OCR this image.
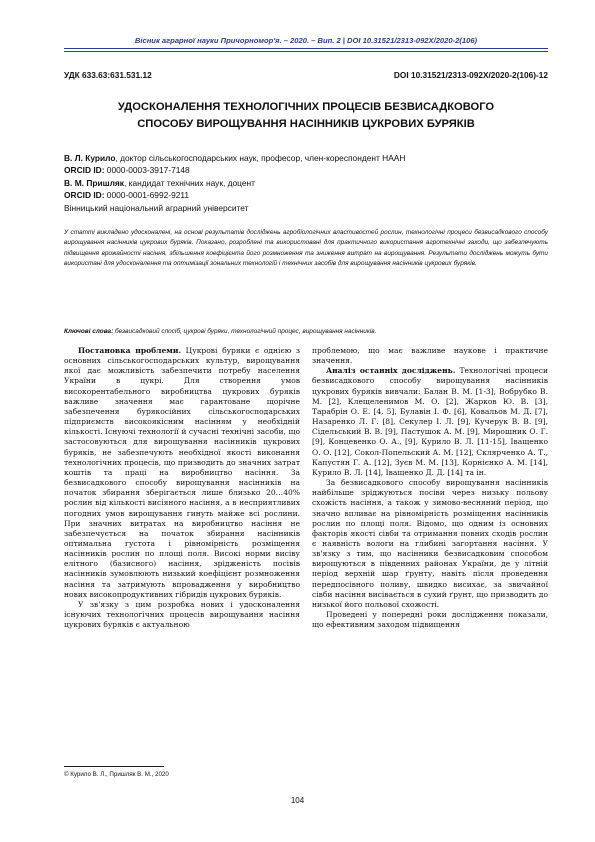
Вісник аграрної науки Причорномор'я. – 2020. – Вип. 2 | DOI 10.31521/2313-092X/2020-2(106)
УДК 633.63:631.531.12	DOI 10.31521/2313-092X/2020-2(106)-12
УДОСКОНАЛЕННЯ ТЕХНОЛОГІЧНИХ ПРОЦЕСІВ БЕЗВИСАДКОВОГО
СПОСОБУ ВИРОЩУВАННЯ НАСІННИКІВ ЦУКРОВИХ БУРЯКІВ
В. Л. Курило, доктор сільськогосподарських наук, професор, член-кореспондент НААН
ORCID ID: 0000-0003-3917-7148
В. М. Пришляк, кандидат технічних наук, доцент
ORCID ID: 0000-0001-6992-9211
Вінницький національний аграрний університет

У статті викладено удосконалені, на основі результатів досліджень агробіологічних властивостей рослин, технологічні процеси безвисадкового способу вирощування насінників цукрових буряків. Показано, розроблені та використовані для практичного використання агротехнічні заходи, що забезпечують підвищення врожайності насіння, збільшення коефіцієнта його розмноження та зниження витрат на вирощування. Результати досліджень можуть бути використані для удосконалення та оптимізації зональних технологій і технічних засобів для вирощування насінників цукрових буряків.

Ключові слова: безвисадковий спосіб, цукрові буряки, технологічний процес, вирощування насінників.

Постановка проблеми. Цукрові буряки є однією з основних сільськогосподарських культур, вирощування якої дає можливість забезпечити потребу населення України в цукрі. Для створення умов високорентабельного виробництва цукрових буряків важливе значення має гарантоване щорічне забезпечення бурякосійних сільськогосподарських підприємств високоякісним насінням у необхідній кількості. Існуючі технології й сучасні технічні засоби, що застосовуються для вирощування насінників цукрових буряків, не забезпечують необхідної якості виконання технологічних процесів, що призводить до значних затрат коштів та праці на виробництво насіння. За безвисадкового способу вирощування насінників на початок збирання зберігається лише близько 20…40% рослин від кількості висіяного насіння, а в несприятливих погодних умов вирощування гинуть майже всі рослини. При значних витратах на виробництво насіння не забезпечується на початок збирання насінників оптимальна густота і рівномірність розміщення насінників рослин по площі поля. Високі норми висіву елітного (базисного) насіння, зрідженість посівів насінників зумовлюють низький коефіцієнт розмноження насіння та затримують впровадження у виробництво нових високопродуктивних гібридів цукрових буряків.

У зв'язку з цим розробка нових і удосконалення існуючих технологічних процесів вирощування насіння цукрових буряків є актуальною

проблемою, що має важливе наукове і практичне значення.

Аналіз останніх досліджень. Технологічні процеси безвисадкового способу вирощування насінників цукрових буряків вивчали: Балан В. М. [1-3], Вобрубко В. М. [2], Клещеленимов М. О. [2], Жарков Ю. В. [3], Тарабрін О. Е. [4, 5], Булавін І. Ф. [6], Ковальов М. Д. [7], Назаренко Л. Г. [8], Секулер І. Л. [9], Кучерук В. В. [9], Сідельський В. В. [9], Пастушок А. М. [9], Мирошник О. Г. [9], Концевенко О. А., [9], Курило В. Л. [11-15], Іващенко О. О. [12], Сокол-Попельский А. М. [12], Склярченко А. Т., Капустян Г. А. [12], Зуєв М. М. [13], Корнієнко А. М. [14], Курило В. Л. [14], Іващенко Д. Д. [14] та ін.

За безвисадкового способу вирощування насінників найбільше зріджуються посіви через низьку польову схожість насіння, а також у зимово-весняний період, що значно впливає на рівномірність розміщення насінників рослин по площі поля. Відомо, що одним із основних факторів якості сівби та отримання повних сходів рослин є наявність вологи на глибині загортання насіння. У зв'язку з тим, що насінники безвисадковим способом вирощуються в південних районах України, де у літній період верхній шар ґрунту, навіть після проведення передпосівного поливу, швидко висихає, за звичайної сівби насіння висівається в сухий ґрунт, що призводить до низької його польової схожості.

Проведені у попередні роки дослідження показали, що ефективним заходом підвищення

© Курило В. Л., Пришляк В. М., 2020
104
